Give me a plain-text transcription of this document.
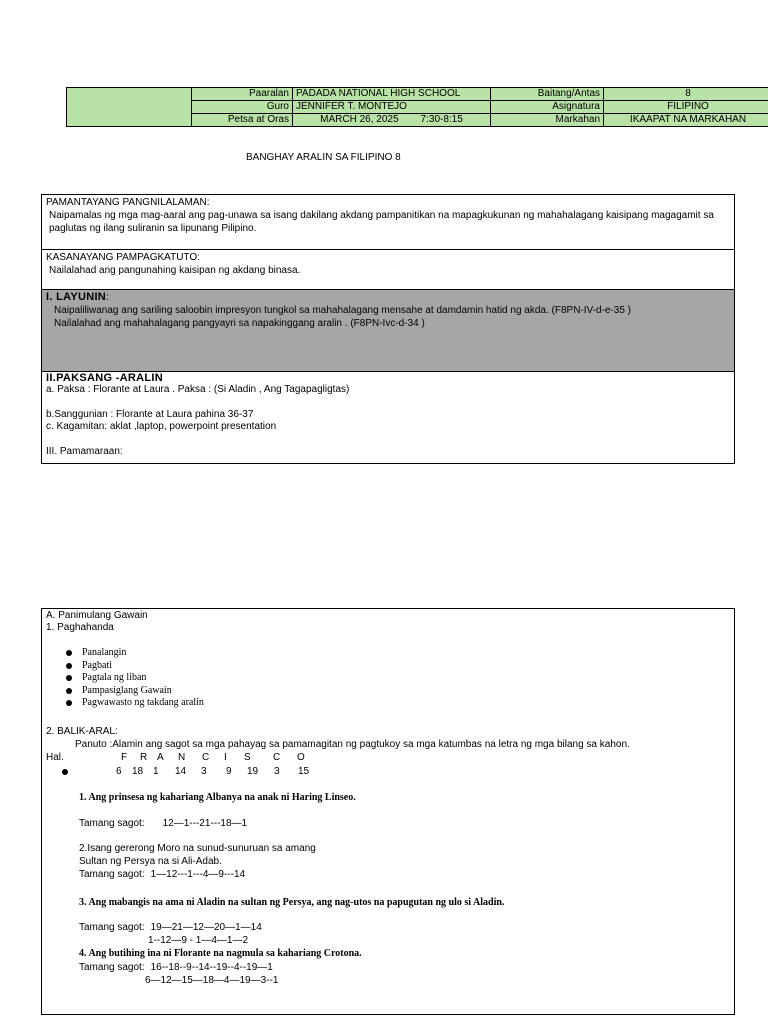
	Paaralan	PADADA NATIONAL HIGH SCHOOL	Baitang/Antas	8
	Guro	JENNIFER T. MONTEJO	Asignatura	FILIPINO
	Petsa at Oras	MARCH 26, 2025 7:30-8:15	Markahan	IKAAPAT NA MARKAHAN
BANGHAY ARALIN SA FILIPINO 8
PAMANTAYANG PANGNILALAMAN:
Naipamalas ng mga mag-aaral ang pag-unawa sa isang dakilang akdang pampanitikan na mapagkukunan ng mahahalagang kaisipang magagamit sa paglutas ng ilang suliranin sa lipunang Pilipino.
KASANAYANG PAMPAGKATUTO:
Nailalahad ang pangunahing kaisipan ng akdang binasa.
I. LAYUNIN:
Naipaliliwanag ang sariling saloobin impresyon tungkol sa mahahalagang mensahe at damdamin hatid ng akda. (F8PN-IV-d-e-35 )
Nailalahad ang mahahalagang pangyayri sa napakinggang aralin . (F8PN-Ivc-d-34 )
II.PAKSANG -ARALIN
a. Paksa : Florante at Laura . Paksa : (Si Aladin , Ang Tagapagligtas)
b.Sanggunian : Florante at Laura pahina 36-37
c. Kagamitan: aklat ,laptop, powerpoint presentation
III. Pamamaraan:
A. Panimulang Gawain
1. Paghahanda
Panalangin
Pagbati
Pagtala ng liban
Pampasiglang Gawain
Pagwawasto ng takdang aralin
2. BALIK-ARAL:
Panuto :Alamin ang sagot sa mga pahayag sa pamamagitan ng pagtukoy sa mga katumbas na letra ng mga bilang sa kahon.
Hal.	F R A N C I S C O
6 18 1 14 3 9 19 3 15
1. Ang prinsesa ng kahariang Albanya na anak ni Haring Linseo.
Tamang sagot: 12—1---21---18—1
2.Isang gererong Moro na sunud-sunuruan sa amang
Sultan ng Persya na si Ali-Adab.
Tamang sagot: 1—12---1---4—9---14
3. Ang mabangis na ama ni Aladin na sultan ng Persya, ang nag-utos na papugutan ng ulo si Aladin.
Tamang sagot: 19—21—12—20—1—14
1--12—9 - 1—4—1—2
4. Ang butihing ina ni Florante na nagmula sa kahariang Crotona.
Tamang sagot: 16--18--9--14--19--4--19—1
6—12—15—18—4—19—3--1
